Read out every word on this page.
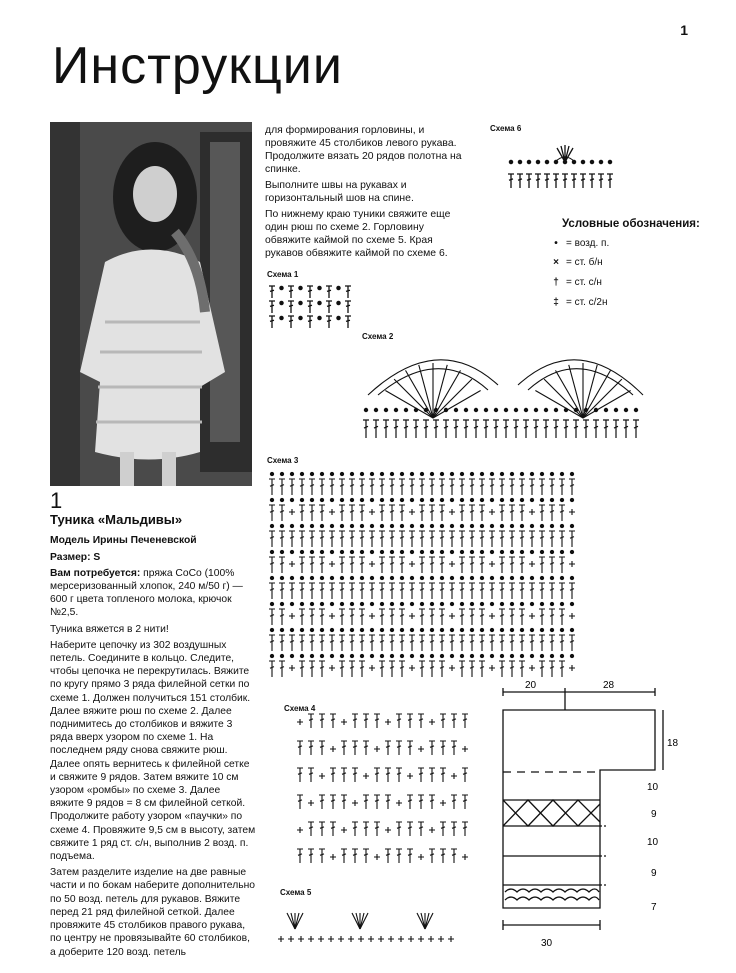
1
Инструкции

для формирования горловины, и провяжите 45 столбиков левого рукава. Продолжите вязать 20 рядов полотна на спинке.

Выполните швы на рукавах и горизонтальный шов на спине.

По нижнему краю туники свяжите еще один рюш по схеме 2. Горловину обвяжите каймой по схеме 5. Края рукавов обвяжите каймой по схеме 6.

Схема 6
Схема 1
Схема 2
Схема 3
Схема 4
Схема 5
Условные обозначения:
• = возд. п.
× = ст. б/н
† = ст. с/н
‡ = ст. с/2н
20	28
18
10
9
10
9
7
30
1
Туника «Мальдивы»

Модель Ирины Печеневской

Размер: S

Вам потребуется: пряжа CoCo (100% мерсеризованный хлопок, 240 м/50 г) — 600 г цвета топленого молока, крючок №2,5.

Туника вяжется в 2 нити!

Наберите цепочку из 302 воздушных петель. Соедините в кольцо. Следите, чтобы цепочка не перекрутилась. Вяжите по кругу прямо 3 ряда филейной сетки по схеме 1. Должен получиться 151 столбик. Далее вяжите рюш по схеме 2. Далее поднимитесь до столбиков и вяжите 3 ряда вверх узором по схеме 1. На последнем ряду снова свяжите рюш. Далее опять вернитесь к филейной сетке и свяжите 9 рядов. Затем вяжите 10 см узором «ромбы» по схеме 3. Далее вяжите 9 рядов = 8 см филейной сеткой. Продолжите работу узором «паучки» по схеме 4. Провяжите 9,5 см в высоту, затем свяжите 1 ряд ст. с/н, выполнив 2 возд. п. подъема.

Затем разделите изделие на две равные части и по бокам наберите дополнительно по 50 возд. петель для рукавов. Вяжите перед 21 ряд филейной сеткой. Далее провяжите 45 столбиков правого рукава, по центру не провязывайте 60 столбиков, а доберите 120 возд. петель
